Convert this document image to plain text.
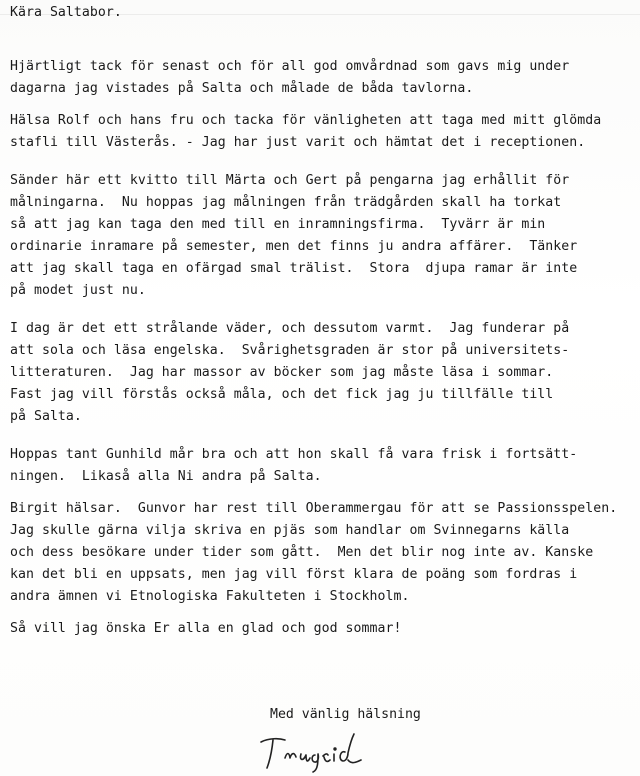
Kära Saltabor.
Hjärtligt tack för senast och för all god omvårdnad som gavs mig under
dagarna jag vistades på Salta och målade de båda tavlorna.
Hälsa Rolf och hans fru och tacka för vänligheten att taga med mitt glömda
stafli till Västerås. - Jag har just varit och hämtat det i receptionen.
Sänder här ett kvitto till Märta och Gert på pengarna jag erhållit för
målningarna.  Nu hoppas jag målningen från trädgården skall ha torkat
så att jag kan taga den med till en inramningsfirma.  Tyvärr är min
ordinarie inramare på semester, men det finns ju andra affärer.  Tänker
att jag skall taga en ofärgad smal trälist.  Stora  djupa ramar är inte
på modet just nu.
I dag är det ett strålande väder, och dessutom varmt.  Jag funderar på
att sola och läsa engelska.  Svårighetsgraden är stor på universitets-
litteraturen.  Jag har massor av böcker som jag måste läsa i sommar.
Fast jag vill förstås också måla, och det fick jag ju tillfälle till
på Salta.
Hoppas tant Gunhild mår bra och att hon skall få vara frisk i fortsätt-
ningen.  Likaså alla Ni andra på Salta.
Birgit hälsar.  Gunvor har rest till Oberammergau för att se Passionsspelen.
Jag skulle gärna vilja skriva en pjäs som handlar om Svinnegarns källa
och dess besökare under tider som gått.  Men det blir nog inte av. Kanske
kan det bli en uppsats, men jag vill först klara de poäng som fordras i
andra ämnen vi Etnologiska Fakulteten i Stockholm.
Så vill jag önska Er alla en glad och god sommar!
Med vänlig hälsning
